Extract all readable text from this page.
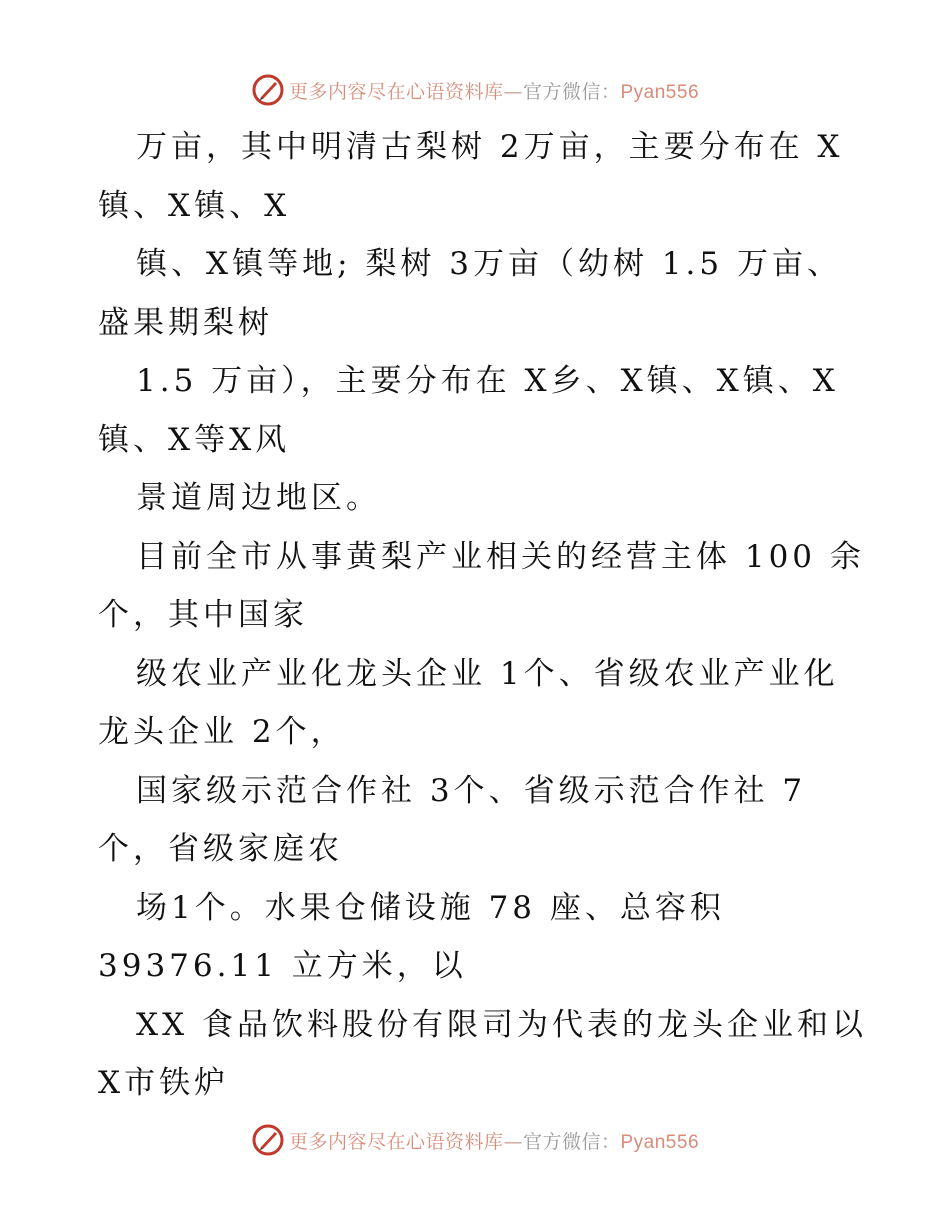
更多内容尽在心语资料库—官方微信：Pyan556
万亩，其中明清古梨树 2万亩，主要分布在 X
镇、X镇、X
镇、X镇等地; 梨树 3万亩（幼树 1.5 万亩、
盛果期梨树
1.5 万亩），主要分布在 X乡、X镇、X镇、X
镇、X等X风
景道周边地区。
目前全市从事黄梨产业相关的经营主体 100 余
个，其中国家
级农业产业化龙头企业 1个、省级农业产业化
龙头企业 2个，
国家级示范合作社 3个、省级示范合作社 7
个，省级家庭农
场1个。水果仓储设施 78 座、总容积
39376.11 立方米，以
XX 食品饮料股份有限司为代表的龙头企业和以
X市铁炉
更多内容尽在心语资料库—官方微信：Pyan556
